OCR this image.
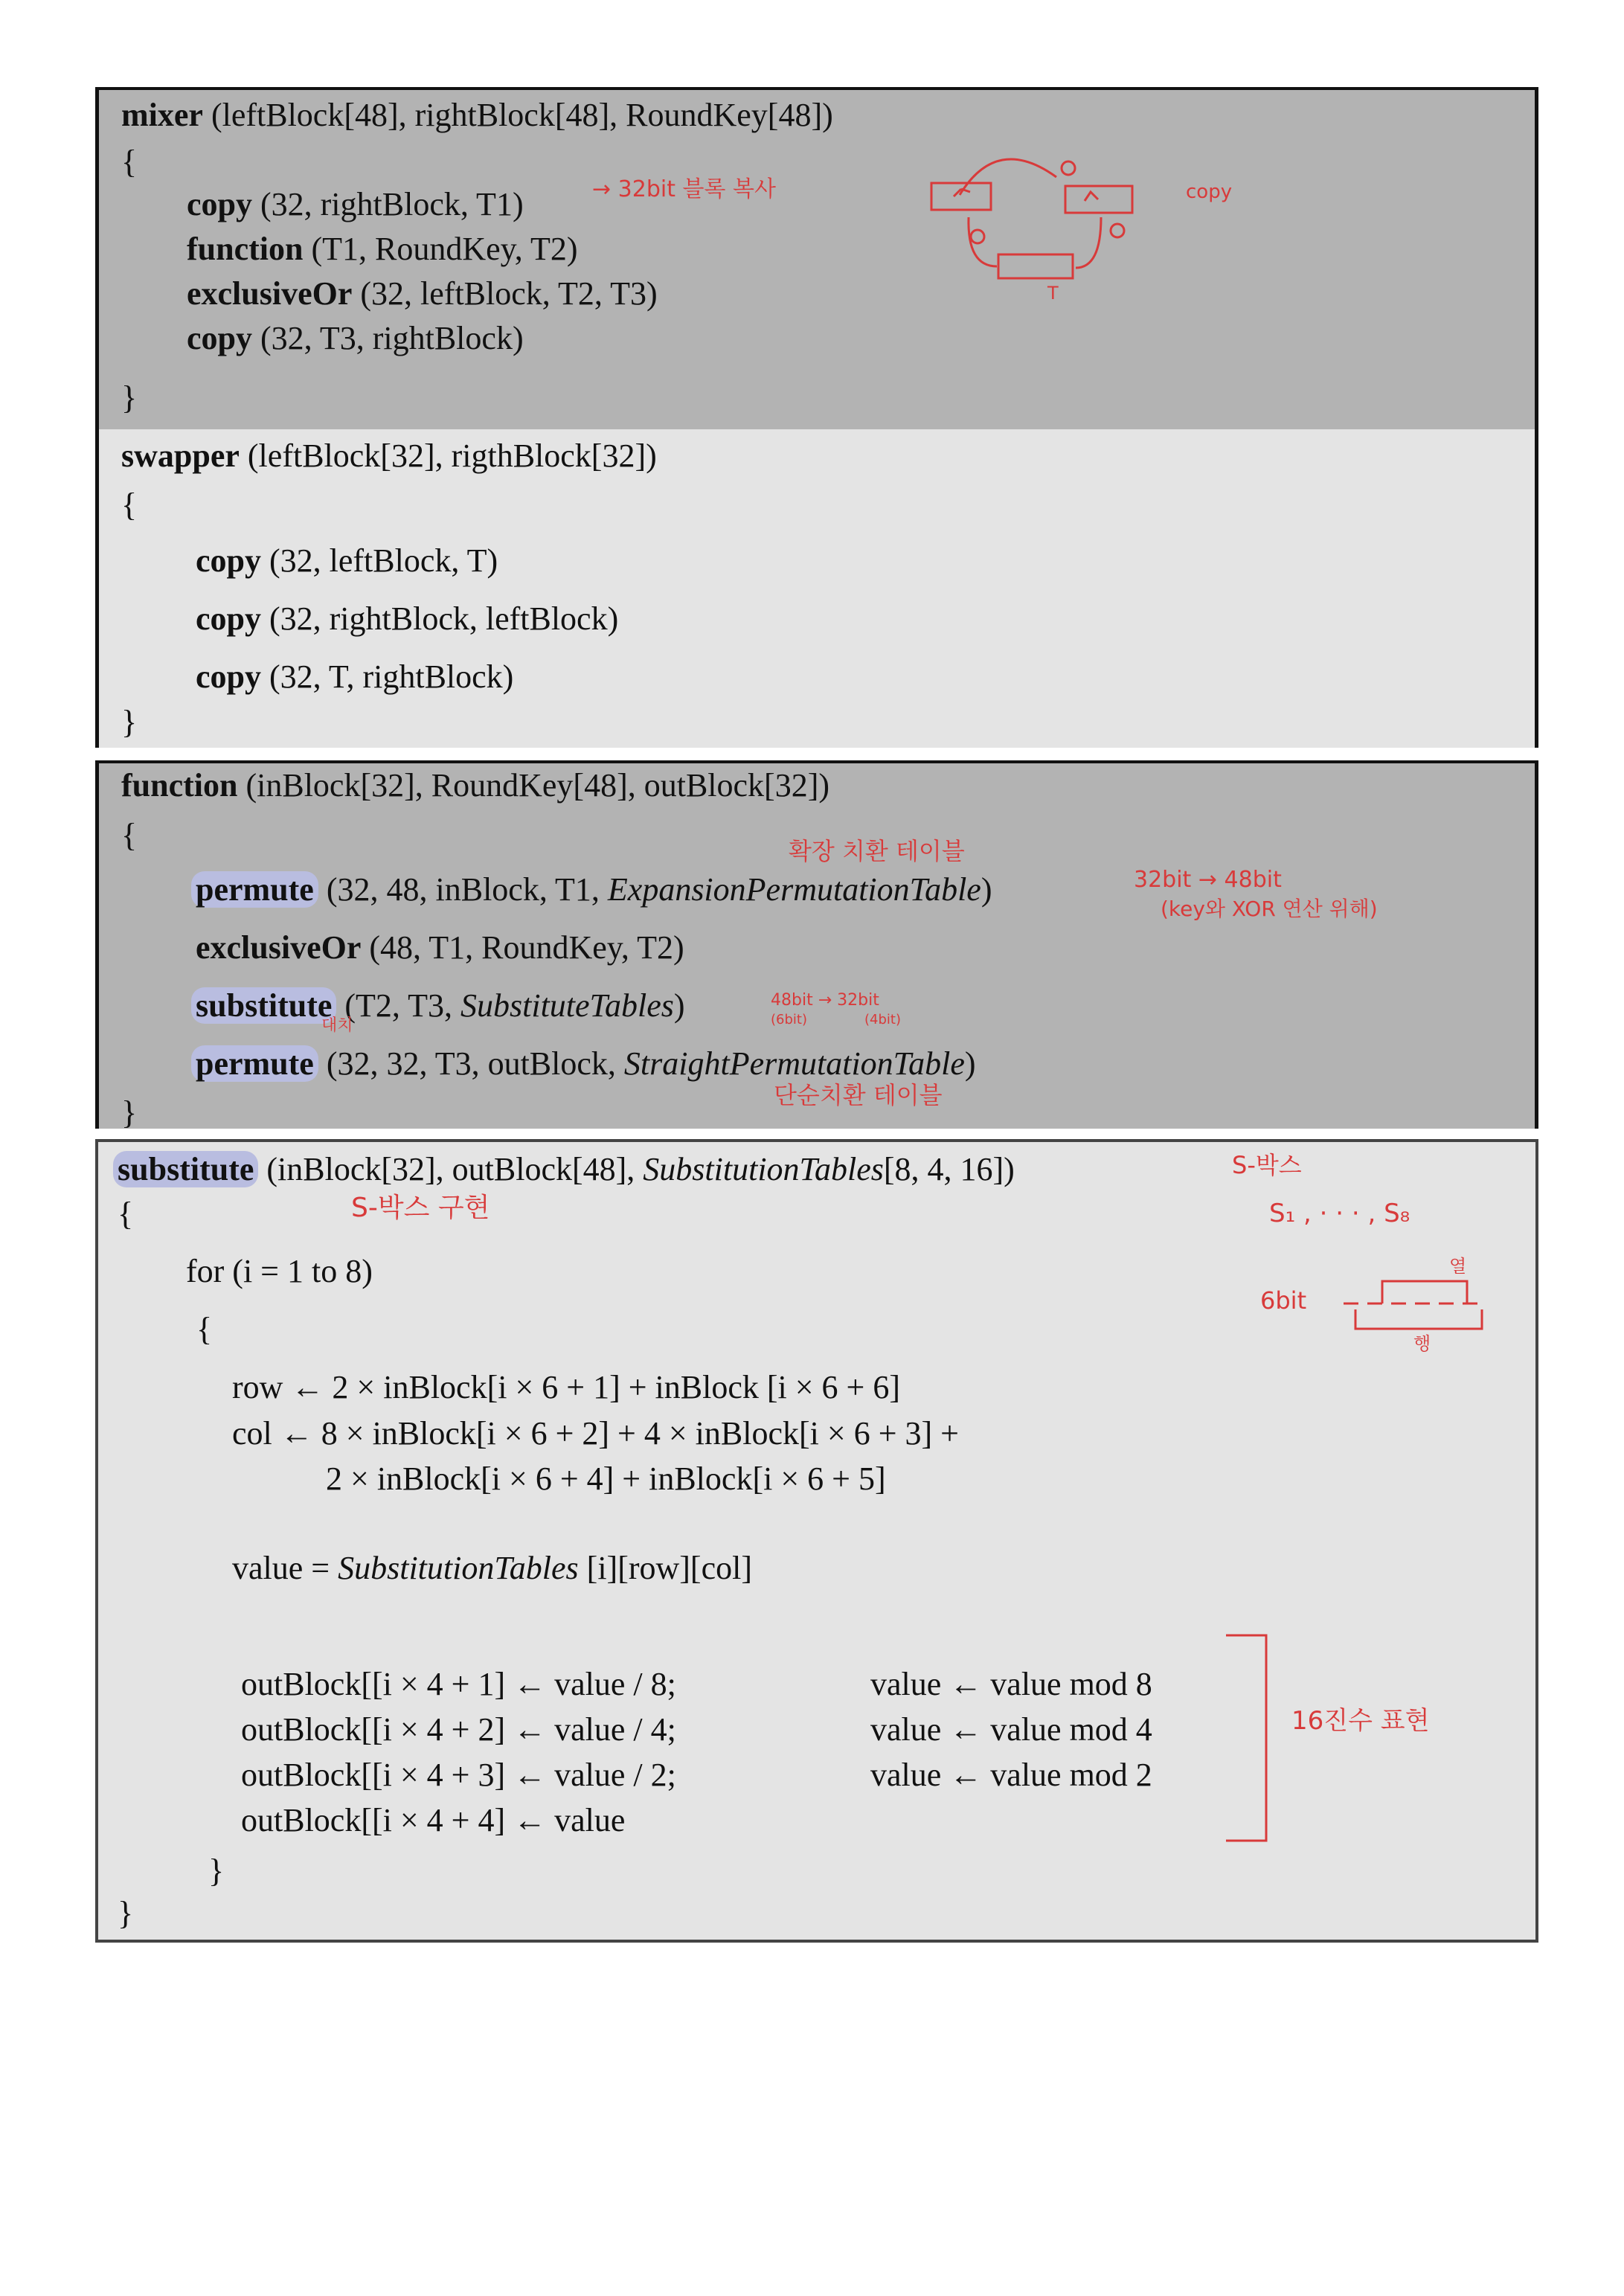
mixer (leftBlock[48], rightBlock[48], RoundKey[48])
{
copy (32, rightBlock, T1)
function (T1, RoundKey, T2)
exclusiveOr (32, leftBlock, T2, T3)
copy (32, T3, rightBlock)
}
swapper (leftBlock[32], rigthBlock[32])
{
copy (32, leftBlock, T)
copy (32, rightBlock, leftBlock)
copy (32, T, rightBlock)
}
function (inBlock[32], RoundKey[48], outBlock[32])
{
permute (32, 48, inBlock, T1, ExpansionPermutationTable)
exclusiveOr (48, T1, RoundKey, T2)
substitute (T2, T3, SubstituteTables)
permute (32, 32, T3, outBlock, StraightPermutationTable)
}
substitute (inBlock[32], outBlock[48], SubstitutionTables[8, 4, 16])
{
for (i = 1 to 8)
{
row ← 2 × inBlock[i × 6 + 1] + inBlock [i × 6 + 6]
col ← 8 × inBlock[i × 6 + 2] + 4 × inBlock[i × 6 + 3] +
2 × inBlock[i × 6 + 4] + inBlock[i × 6 + 5]
value = SubstitutionTables [i][row][col]
outBlock[[i × 4 + 1] ← value / 8;
outBlock[[i × 4 + 2] ← value / 4;
outBlock[[i × 4 + 3] ← value / 2;
outBlock[[i × 4 + 4] ← value
value ← value mod 8
value ← value mod 4
value ← value mod 2
}
}
→ 32bit 블록 복사	copy
T
확장 치환 테이블
32bit → 48bit
(key와 XOR 연산 위해)
48bit → 32bit
(6bit)	(4bit)
대치
단순치환 테이블
S-박스 구현
S-박스
S₁ , · · · , S₈
6bit
열
행
16진수 표현
